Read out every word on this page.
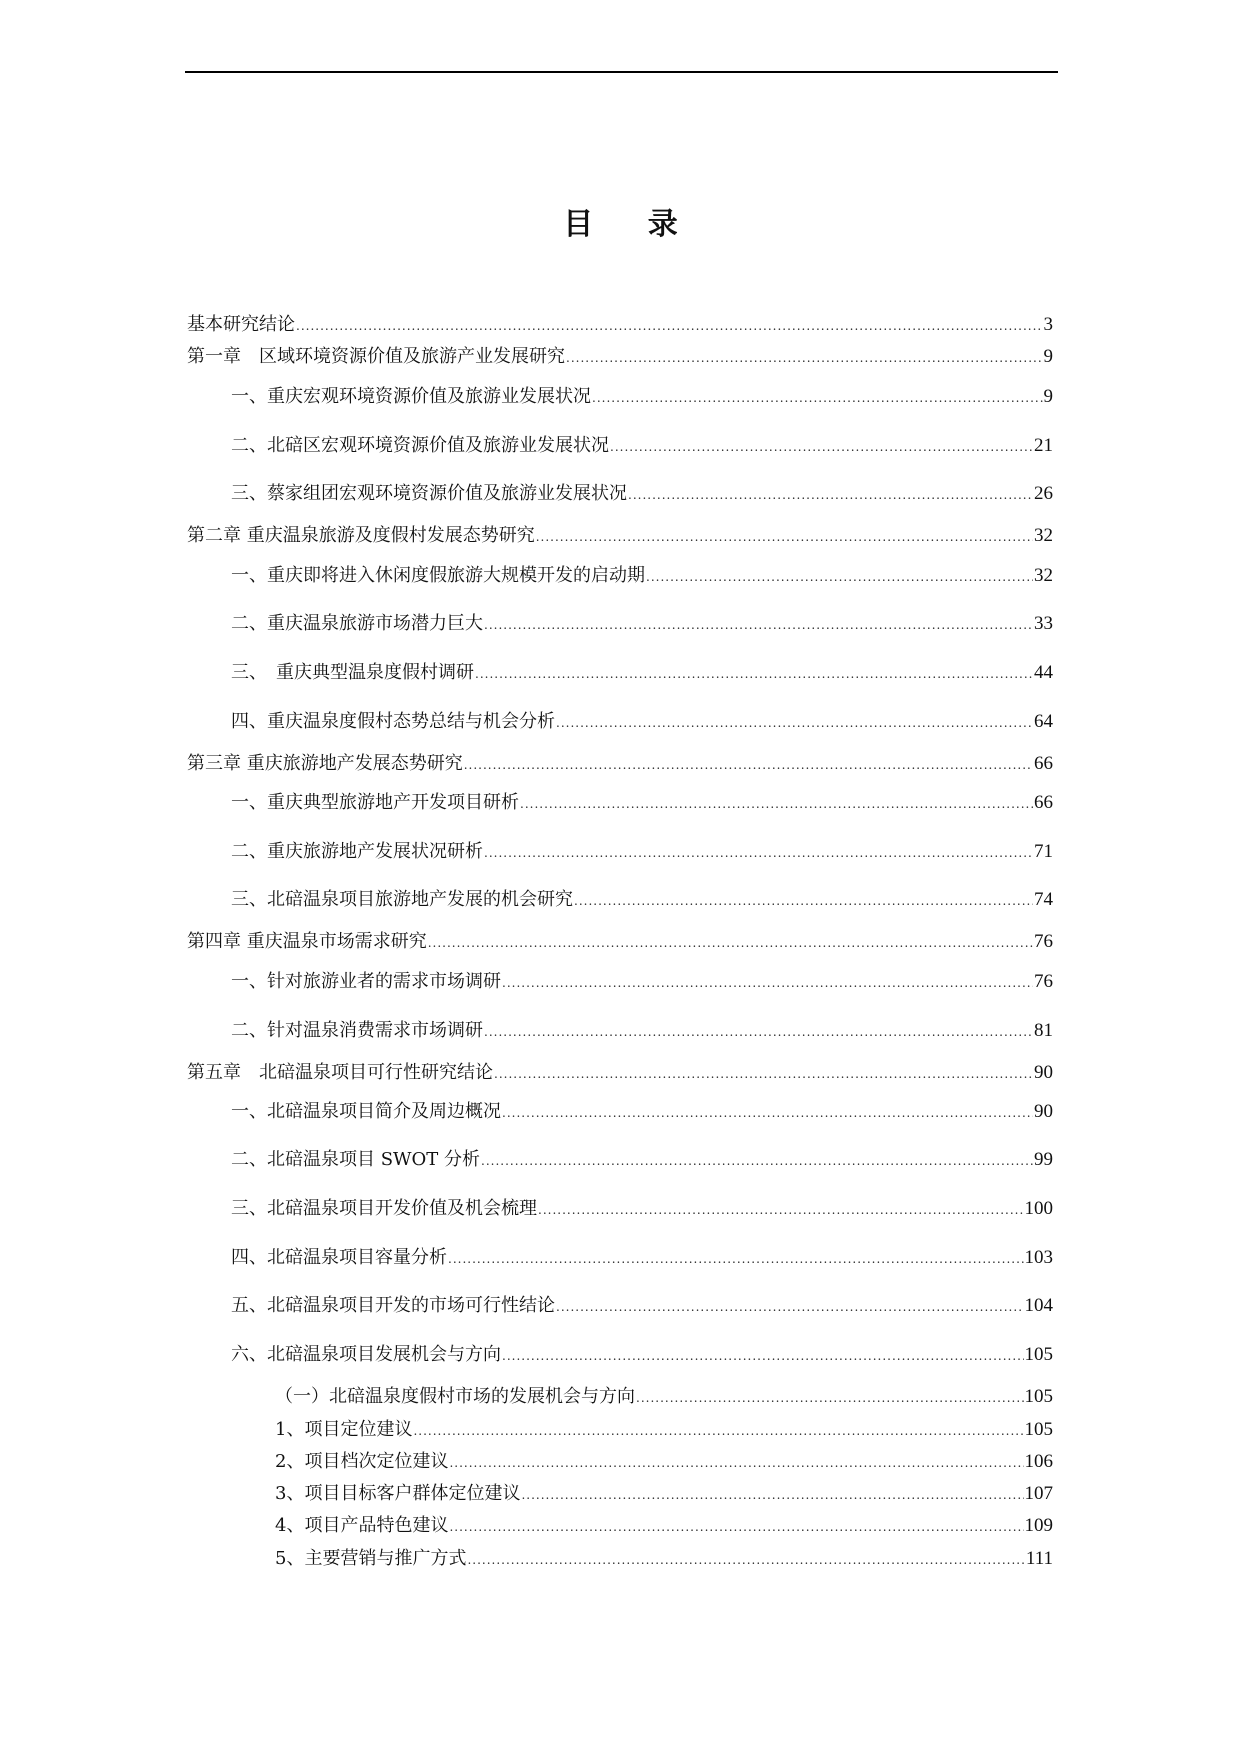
目 录
基本研究结论 .....	3
第一章　区域环境资源价值及旅游产业发展研究 .....	9
一、重庆宏观环境资源价值及旅游业发展状况 .....	9
二、北碚区宏观环境资源价值及旅游业发展状况 .....	21
三、蔡家组团宏观环境资源价值及旅游业发展状况 .....	26
第二章 重庆温泉旅游及度假村发展态势研究 .....	32
一、重庆即将进入休闲度假旅游大规模开发的启动期 .....	32
二、重庆温泉旅游市场潜力巨大 .....	33
三、　重庆典型温泉度假村调研 .....	44
四、重庆温泉度假村态势总结与机会分析 .....	64
第三章 重庆旅游地产发展态势研究 .....	66
一、重庆典型旅游地产开发项目研析 .....	66
二、重庆旅游地产发展状况研析 .....	71
三、北碚温泉项目旅游地产发展的机会研究 .....	74
第四章 重庆温泉市场需求研究 .....	76
一、针对旅游业者的需求市场调研 .....	76
二、针对温泉消费需求市场调研 .....	81
第五章　北碚温泉项目可行性研究结论 .....	90
一、北碚温泉项目简介及周边概况 .....	90
二、北碚温泉项目 SWOT 分析 .....	99
三、北碚温泉项目开发价值及机会梳理 .....	100
四、北碚温泉项目容量分析 .....	103
五、北碚温泉项目开发的市场可行性结论 .....	104
六、北碚温泉项目发展机会与方向 .....	105
（一）北碚温泉度假村市场的发展机会与方向 .....	105
1、项目定位建议 .....	105
2、项目档次定位建议 .....	106
3、项目目标客户群体定位建议 .....	107
4、项目产品特色建议 .....	109
5、主要营销与推广方式 .....	111
